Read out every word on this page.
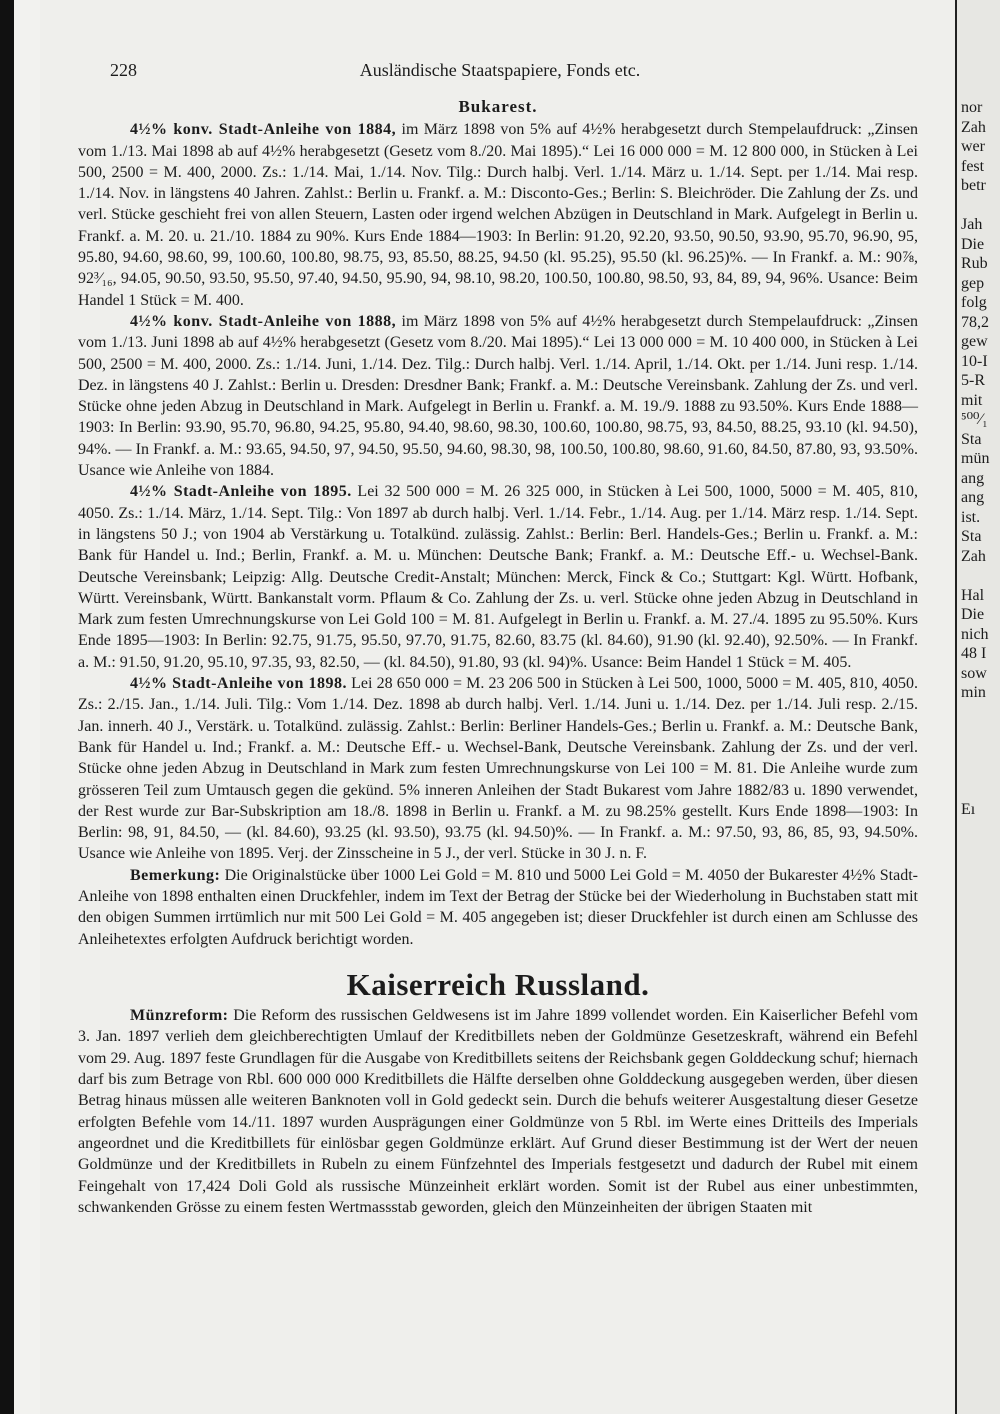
228	Ausländische Staatspapiere, Fonds etc.
Bukarest.

4½% konv. Stadt-Anleihe von 1884, im März 1898 von 5% auf 4½% herabgesetzt durch Stempelaufdruck: „Zinsen vom 1./13. Mai 1898 ab auf 4½% herabgesetzt (Gesetz vom 8./20. Mai 1895).“ Lei 16 000 000 = M. 12 800 000, in Stücken à Lei 500, 2500 = M. 400, 2000. Zs.: 1./14. Mai, 1./14. Nov. Tilg.: Durch halbj. Verl. 1./14. März u. 1./14. Sept. per 1./14. Mai resp. 1./14. Nov. in längstens 40 Jahren. Zahlst.: Berlin u. Frankf. a. M.: Disconto-Ges.; Berlin: S. Bleichröder. Die Zahlung der Zs. und verl. Stücke geschieht frei von allen Steuern, Lasten oder irgend welchen Abzügen in Deutschland in Mark. Aufgelegt in Berlin u. Frankf. a. M. 20. u. 21./10. 1884 zu 90%. Kurs Ende 1884—1903: In Berlin: 91.20, 92.20, 93.50, 90.50, 93.90, 95.70, 96.90, 95, 95.80, 94.60, 98.60, 99, 100.60, 100.80, 98.75, 93, 85.50, 88.25, 94.50 (kl. 95.25), 95.50 (kl. 96.25)%. — In Frankf. a. M.: 90⅞, 92³⁄₁₆, 94.05, 90.50, 93.50, 95.50, 97.40, 94.50, 95.90, 94, 98.10, 98.20, 100.50, 100.80, 98.50, 93, 84, 89, 94, 96%. Usance: Beim Handel 1 Stück = M. 400.

4½% konv. Stadt-Anleihe von 1888, im März 1898 von 5% auf 4½% herabgesetzt durch Stempelaufdruck: „Zinsen vom 1./13. Juni 1898 ab auf 4½% herabgesetzt (Gesetz vom 8./20. Mai 1895).“ Lei 13 000 000 = M. 10 400 000, in Stücken à Lei 500, 2500 = M. 400, 2000. Zs.: 1./14. Juni, 1./14. Dez. Tilg.: Durch halbj. Verl. 1./14. April, 1./14. Okt. per 1./14. Juni resp. 1./14. Dez. in längstens 40 J. Zahlst.: Berlin u. Dresden: Dresdner Bank; Frankf. a. M.: Deutsche Vereinsbank. Zahlung der Zs. und verl. Stücke ohne jeden Abzug in Deutschland in Mark. Aufgelegt in Berlin u. Frankf. a. M. 19./9. 1888 zu 93.50%. Kurs Ende 1888—1903: In Berlin: 93.90, 95.70, 96.80, 94.25, 95.80, 94.40, 98.60, 98.30, 100.60, 100.80, 98.75, 93, 84.50, 88.25, 93.10 (kl. 94.50), 94%. — In Frankf. a. M.: 93.65, 94.50, 97, 94.50, 95.50, 94.60, 98.30, 98, 100.50, 100.80, 98.60, 91.60, 84.50, 87.80, 93, 93.50%. Usance wie Anleihe von 1884.

4½% Stadt-Anleihe von 1895. Lei 32 500 000 = M. 26 325 000, in Stücken à Lei 500, 1000, 5000 = M. 405, 810, 4050. Zs.: 1./14. März, 1./14. Sept. Tilg.: Von 1897 ab durch halbj. Verl. 1./14. Febr., 1./14. Aug. per 1./14. März resp. 1./14. Sept. in längstens 50 J.; von 1904 ab Verstärkung u. Totalkünd. zulässig. Zahlst.: Berlin: Berl. Handels-Ges.; Berlin u. Frankf. a. M.: Bank für Handel u. Ind.; Berlin, Frankf. a. M. u. München: Deutsche Bank; Frankf. a. M.: Deutsche Eff.- u. Wechsel-Bank. Deutsche Vereinsbank; Leipzig: Allg. Deutsche Credit-Anstalt; München: Merck, Finck & Co.; Stuttgart: Kgl. Württ. Hofbank, Württ. Vereinsbank, Württ. Bankanstalt vorm. Pflaum & Co. Zahlung der Zs. u. verl. Stücke ohne jeden Abzug in Deutschland in Mark zum festen Umrechnungskurse von Lei Gold 100 = M. 81. Aufgelegt in Berlin u. Frankf. a. M. 27./4. 1895 zu 95.50%. Kurs Ende 1895—1903: In Berlin: 92.75, 91.75, 95.50, 97.70, 91.75, 82.60, 83.75 (kl. 84.60), 91.90 (kl. 92.40), 92.50%. — In Frankf. a. M.: 91.50, 91.20, 95.10, 97.35, 93, 82.50, — (kl. 84.50), 91.80, 93 (kl. 94)%. Usance: Beim Handel 1 Stück = M. 405.

4½% Stadt-Anleihe von 1898. Lei 28 650 000 = M. 23 206 500 in Stücken à Lei 500, 1000, 5000 = M. 405, 810, 4050. Zs.: 2./15. Jan., 1./14. Juli. Tilg.: Vom 1./14. Dez. 1898 ab durch halbj. Verl. 1./14. Juni u. 1./14. Dez. per 1./14. Juli resp. 2./15. Jan. innerh. 40 J., Verstärk. u. Totalkünd. zulässig. Zahlst.: Berlin: Berliner Handels-Ges.; Berlin u. Frankf. a. M.: Deutsche Bank, Bank für Handel u. Ind.; Frankf. a. M.: Deutsche Eff.- u. Wechsel-Bank, Deutsche Vereinsbank. Zahlung der Zs. und der verl. Stücke ohne jeden Abzug in Deutschland in Mark zum festen Umrechnungskurse von Lei 100 = M. 81. Die Anleihe wurde zum grösseren Teil zum Umtausch gegen die gekünd. 5% inneren Anleihen der Stadt Bukarest vom Jahre 1882/83 u. 1890 verwendet, der Rest wurde zur Bar-Subskription am 18./8. 1898 in Berlin u. Frankf. a M. zu 98.25% gestellt. Kurs Ende 1898—1903: In Berlin: 98, 91, 84.50, — (kl. 84.60), 93.25 (kl. 93.50), 93.75 (kl. 94.50)%. — In Frankf. a. M.: 97.50, 93, 86, 85, 93, 94.50%. Usance wie Anleihe von 1895. Verj. der Zinsscheine in 5 J., der verl. Stücke in 30 J. n. F.

Bemerkung: Die Originalstücke über 1000 Lei Gold = M. 810 und 5000 Lei Gold = M. 4050 der Bukarester 4½% Stadt-Anleihe von 1898 enthalten einen Druckfehler, indem im Text der Betrag der Stücke bei der Wiederholung in Buchstaben statt mit den obigen Summen irrtümlich nur mit 500 Lei Gold = M. 405 angegeben ist; dieser Druckfehler ist durch einen am Schlusse des Anleihetextes erfolgten Aufdruck berichtigt worden.

Kaiserreich Russland.

Münzreform: Die Reform des russischen Geldwesens ist im Jahre 1899 vollendet worden. Ein Kaiserlicher Befehl vom 3. Jan. 1897 verlieh dem gleichberechtigten Umlauf der Kreditbillets neben der Goldmünze Gesetzeskraft, während ein Befehl vom 29. Aug. 1897 feste Grundlagen für die Ausgabe von Kreditbillets seitens der Reichsbank gegen Golddeckung schuf; hiernach darf bis zum Betrage von Rbl. 600 000 000 Kreditbillets die Hälfte derselben ohne Golddeckung ausgegeben werden, über diesen Betrag hinaus müssen alle weiteren Banknoten voll in Gold gedeckt sein. Durch die behufs weiterer Ausgestaltung dieser Gesetze erfolgten Befehle vom 14./11. 1897 wurden Ausprägungen einer Goldmünze von 5 Rbl. im Werte eines Dritteils des Imperials angeordnet und die Kreditbillets für einlösbar gegen Goldmünze erklärt. Auf Grund dieser Bestimmung ist der Wert der neuen Goldmünze und der Kreditbillets in Rubeln zu einem Fünfzehntel des Imperials festgesetzt und dadurch der Rubel mit einem Feingehalt von 17,424 Doli Gold als russische Münzeinheit erklärt worden. Somit ist der Rubel aus einer unbestimmten, schwankenden Grösse zu einem festen Wertmassstab geworden, gleich den Münzeinheiten der übrigen Staaten mit

nor
Zah
wer
fest
betr
Jah
Die
Rub
gep
folg
78,2
gew
10-I
5-R
mit
⁵⁰⁰⁄₁
Sta
mün
ang
ang
ist.
Sta
Zah
Hal
Die
nich
48 I
sow
min
Eı
